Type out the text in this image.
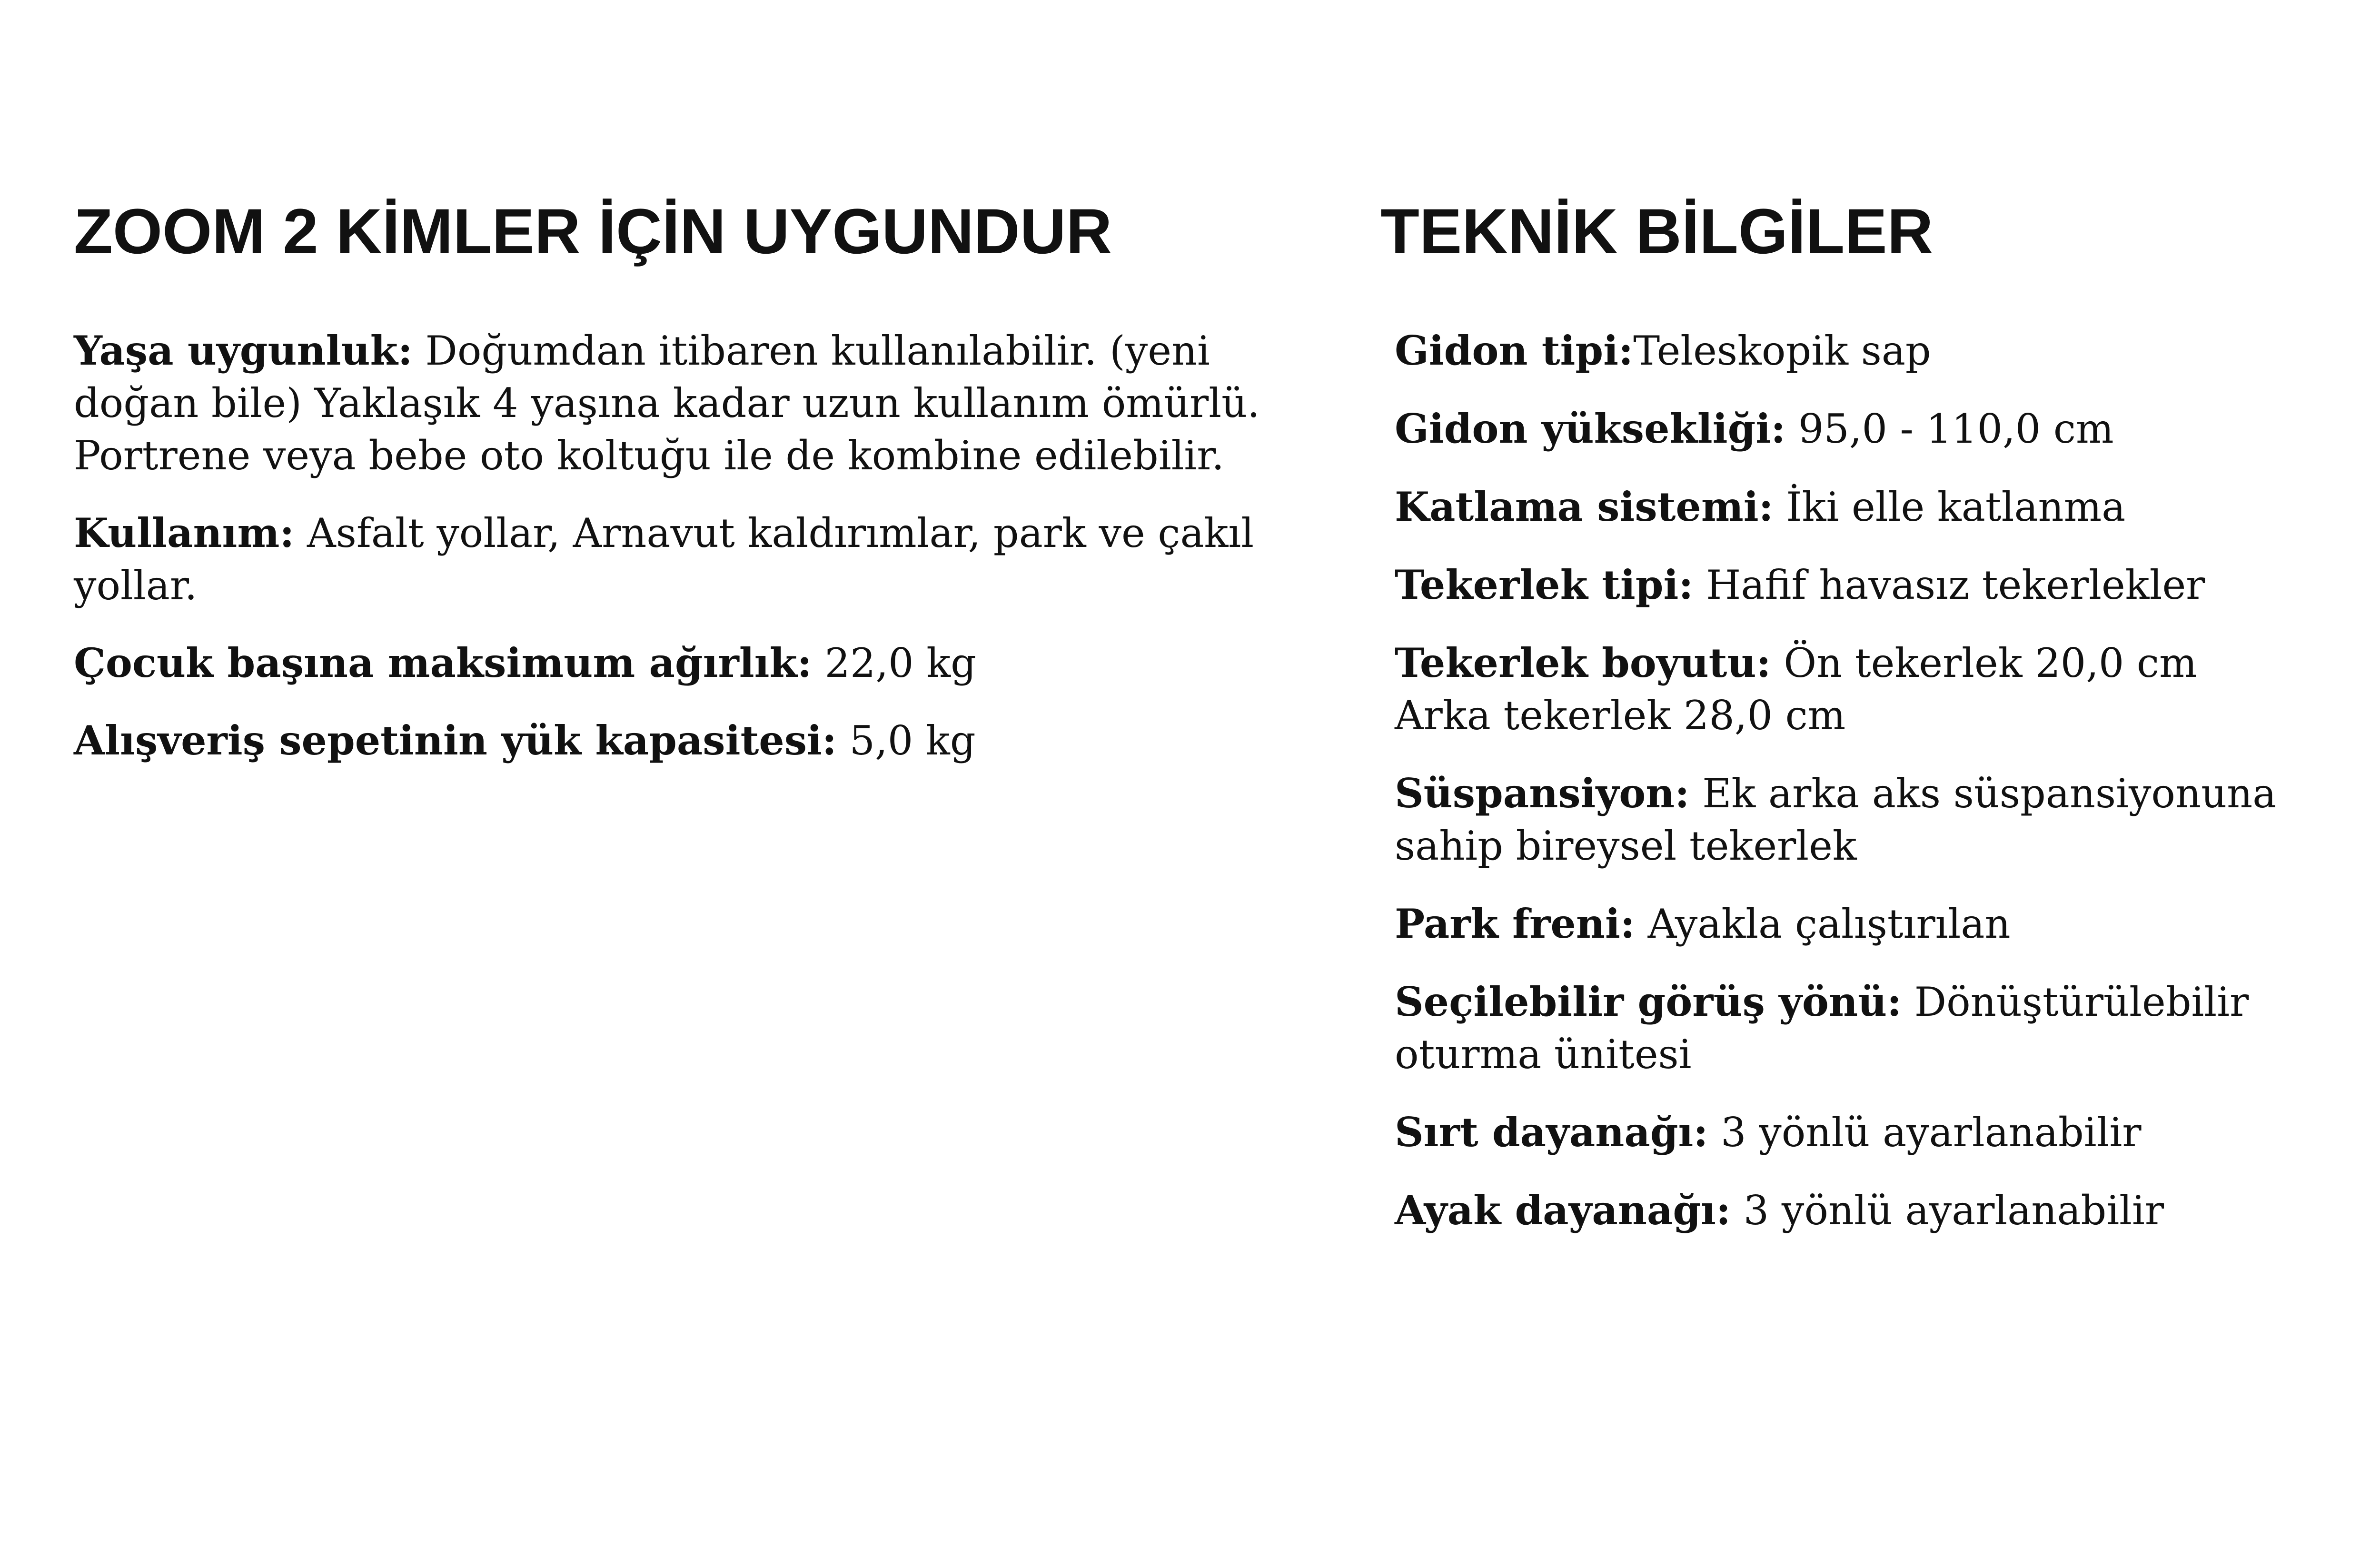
ZOOM 2 KİMLER İÇİN UYGUNDUR

Yaşa uygunluk: Doğumdan itibaren kullanılabilir. (yeni doğan bile) Yaklaşık 4 yaşına kadar uzun kullanım ömürlü. Portrene veya bebe oto koltuğu ile de kombine edilebilir.

Kullanım: Asfalt yollar, Arnavut kaldırımlar, park ve çakıl yollar.

Çocuk başına maksimum ağırlık: 22,0 kg

Alışveriş sepetinin yük kapasitesi: 5,0 kg

TEKNİK BİLGİLER

Gidon tipi:Teleskopik sap

Gidon yüksekliği: 95,0 - 110,0 cm

Katlama sistemi: İki elle katlanma

Tekerlek tipi: Hafif havasız tekerlekler

Tekerlek boyutu: Ön tekerlek 20,0 cm
Arka tekerlek 28,0 cm

Süspansiyon: Ek arka aks süspansiyonuna sahip bireysel tekerlek

Park freni: Ayakla çalıştırılan

Seçilebilir görüş yönü: Dönüştürülebilir oturma ünitesi

Sırt dayanağı: 3 yönlü ayarlanabilir

Ayak dayanağı: 3 yönlü ayarlanabilir
